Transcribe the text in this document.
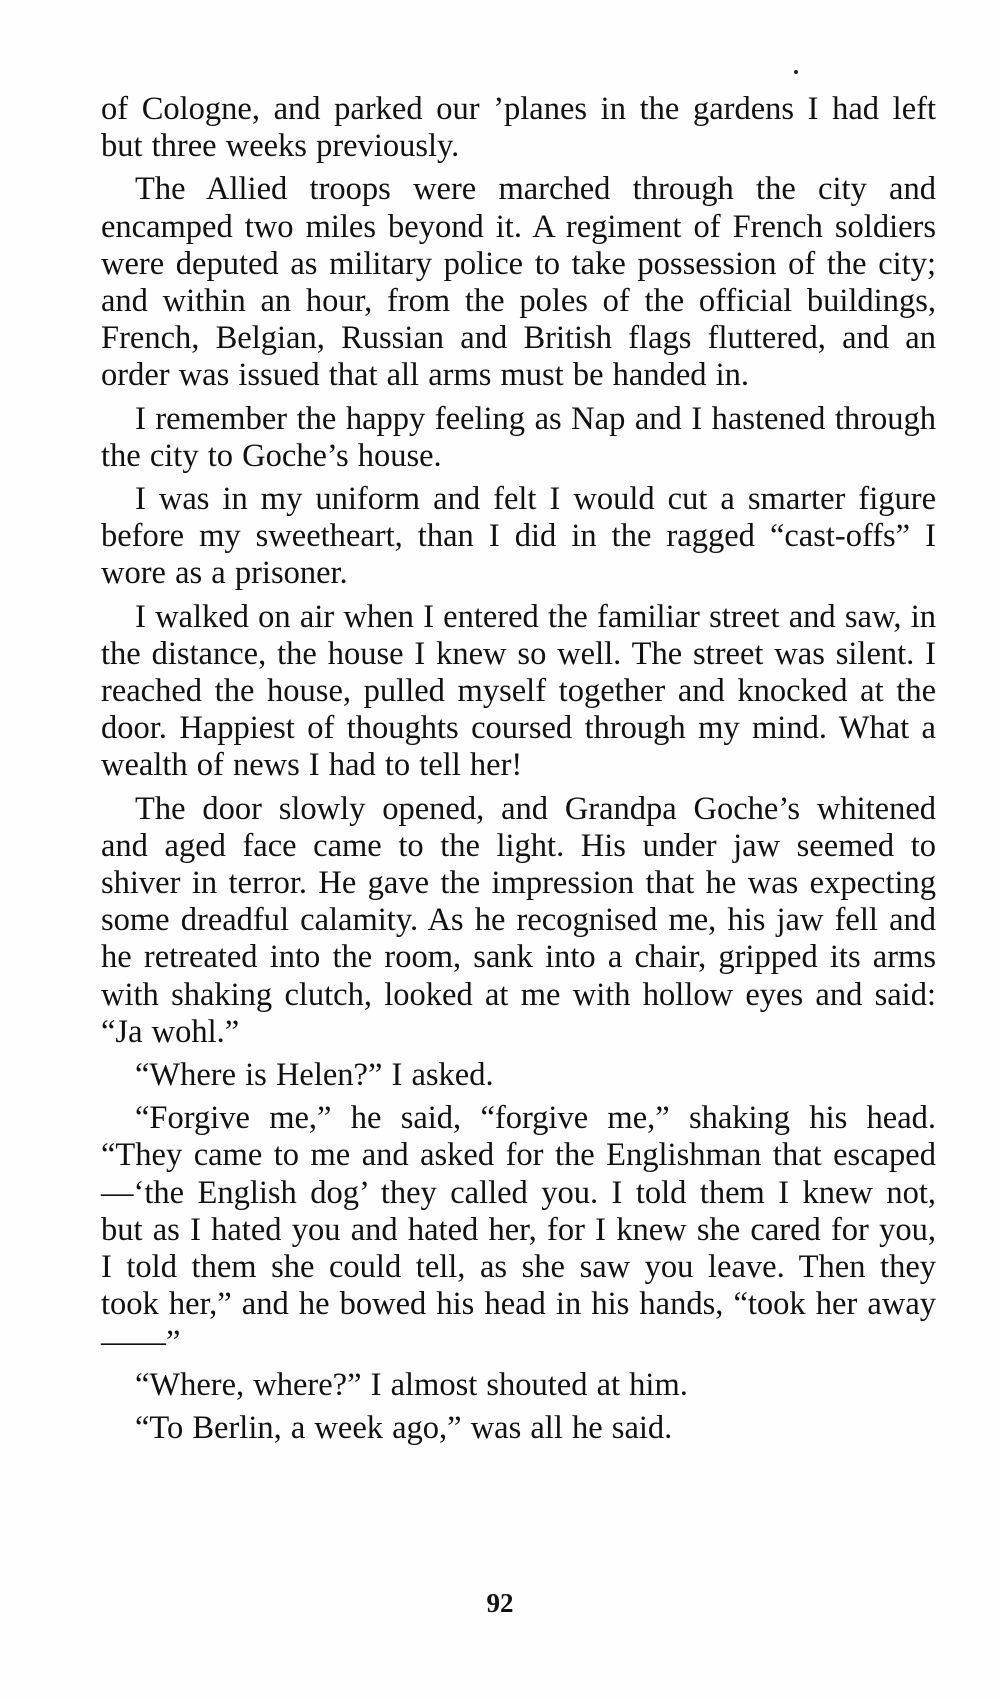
of Cologne, and parked our ’planes in the gardens I had left but three weeks previously.

The Allied troops were marched through the city and encamped two miles beyond it. A regiment of French soldiers were deputed as military police to take possession of the city; and within an hour, from the poles of the official buildings, French, Belgian, Russian and British flags fluttered, and an order was issued that all arms must be handed in.

I remember the happy feeling as Nap and I hastened through the city to Goche’s house.

I was in my uniform and felt I would cut a smarter figure before my sweetheart, than I did in the ragged “cast-offs” I wore as a prisoner.

I walked on air when I entered the familiar street and saw, in the distance, the house I knew so well. The street was silent. I reached the house, pulled myself together and knocked at the door. Happiest of thoughts coursed through my mind. What a wealth of news I had to tell her!

The door slowly opened, and Grandpa Goche’s whitened and aged face came to the light. His under jaw seemed to shiver in terror. He gave the impression that he was expecting some dreadful calamity. As he recognised me, his jaw fell and he retreated into the room, sank into a chair, gripped its arms with shaking clutch, looked at me with hollow eyes and said: “Ja wohl.”

“Where is Helen?” I asked.

“Forgive me,” he said, “forgive me,” shaking his head. “They came to me and asked for the Englishman that escaped—‘the English dog’ they called you. I told them I knew not, but as I hated you and hated her, for I knew she cared for you, I told them she could tell, as she saw you leave. Then they took her,” and he bowed his head in his hands, “took her away——”

“Where, where?” I almost shouted at him.

“To Berlin, a week ago,” was all he said.

92
